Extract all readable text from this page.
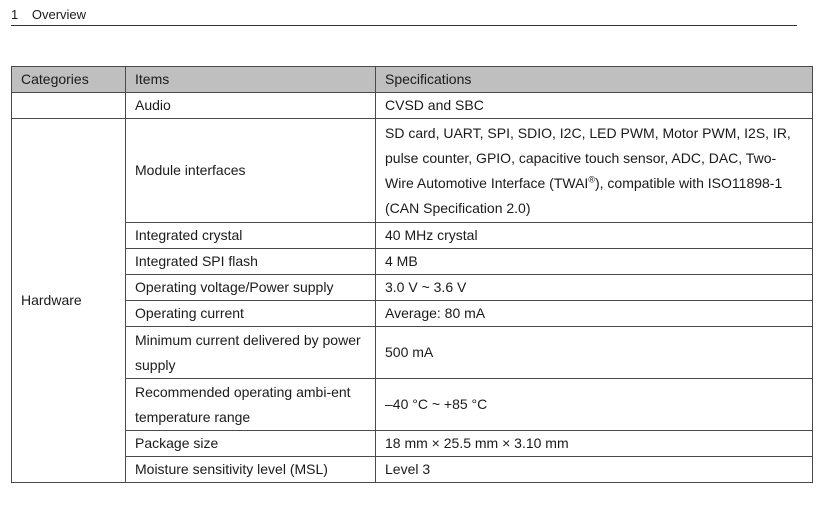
1 Overview
Categories	Items	Specifications
	Audio	CVSD and SBC
Hardware	Module interfaces	SD card, UART, SPI, SDIO, I2C, LED PWM, Motor PWM, I2S, IR, pulse counter, GPIO, capacitive touch sensor, ADC, DAC, Two-Wire Automotive Interface (TWAI®), compatible with ISO11898-1 (CAN Specification 2.0)
	Integrated crystal	40 MHz crystal
	Integrated SPI flash	4 MB
	Operating voltage/Power supply	3.0 V ~ 3.6 V
	Operating current	Average: 80 mA
	Minimum current delivered by power supply	500 mA
	Recommended operating ambi-ent temperature range	–40 °C ~ +85 °C
	Package size	18 mm × 25.5 mm × 3.10 mm
	Moisture sensitivity level (MSL)	Level 3
